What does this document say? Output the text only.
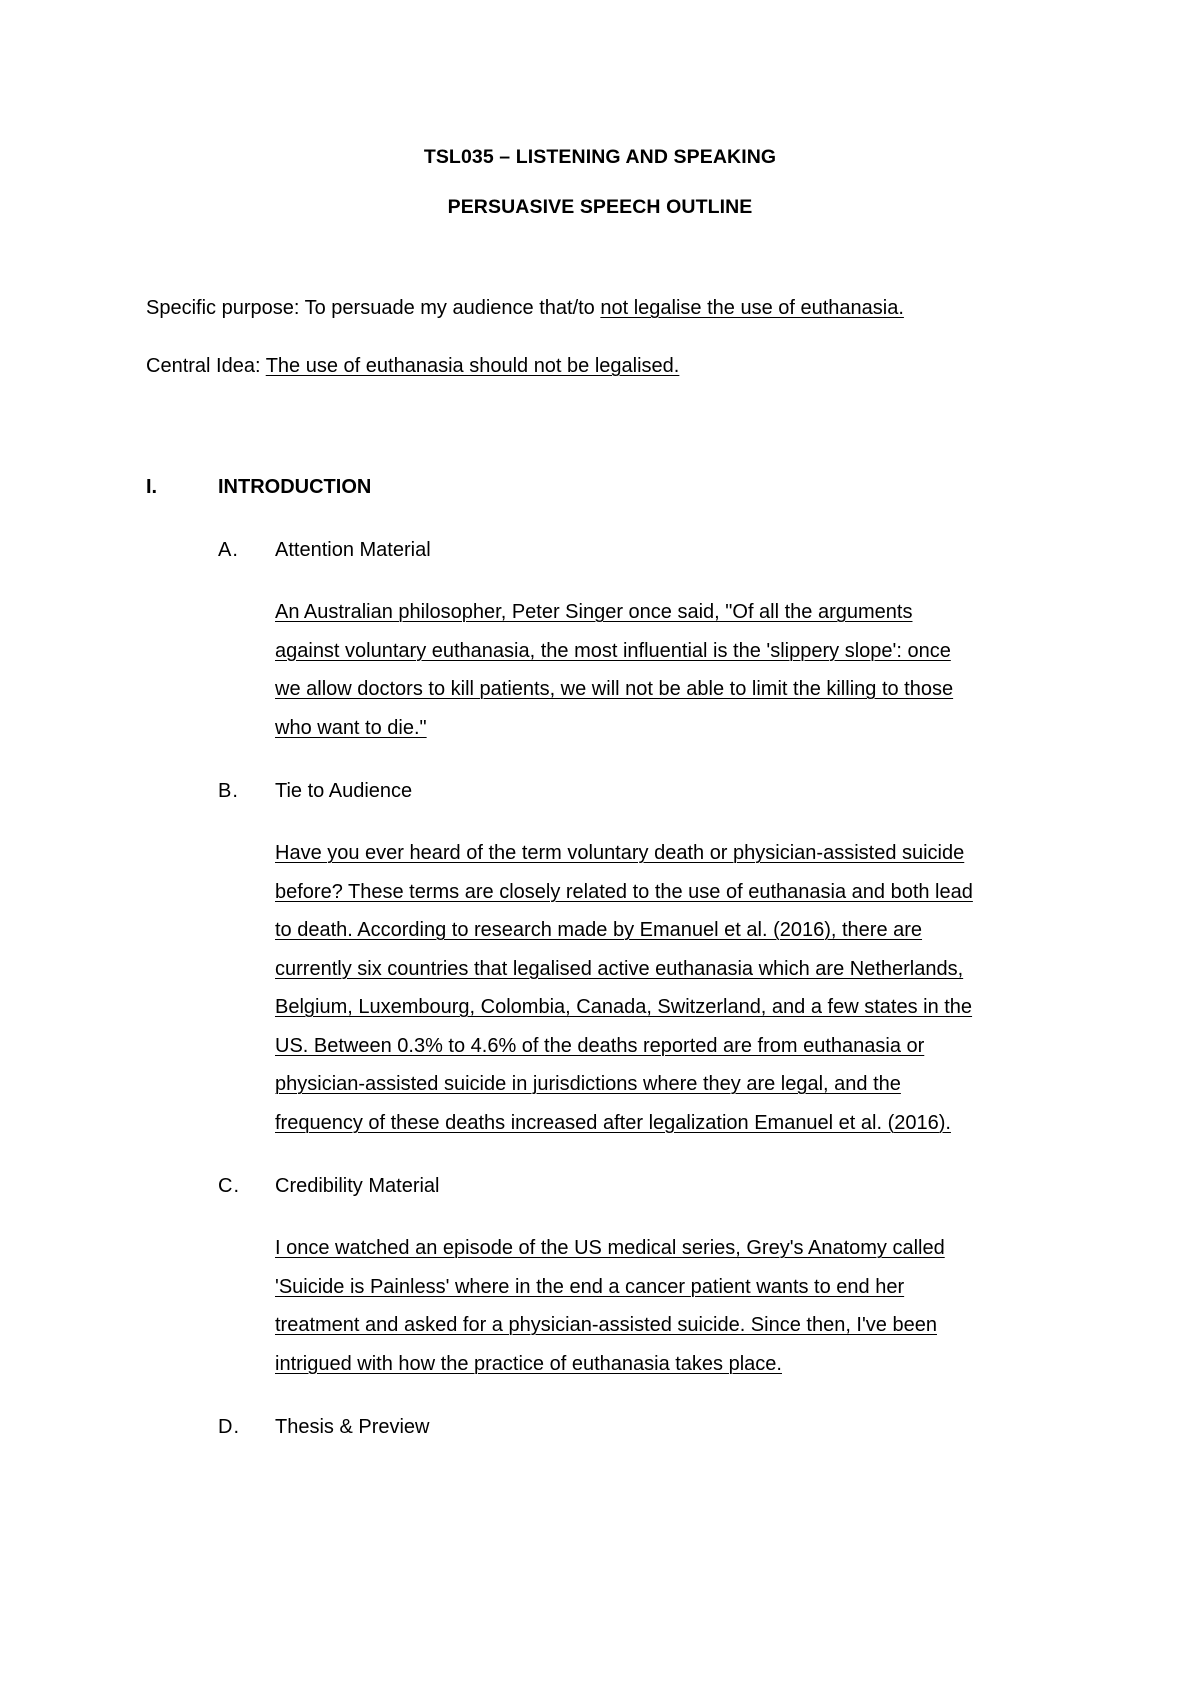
TSL035 – LISTENING AND SPEAKING
PERSUASIVE SPEECH OUTLINE
Specific purpose: To persuade my audience that/to not legalise the use of euthanasia.
Central Idea: The use of euthanasia should not be legalised.
I.	INTRODUCTION
A. Attention Material
An Australian philosopher, Peter Singer once said, "Of all the arguments
against voluntary euthanasia, the most influential is the 'slippery slope': once
we allow doctors to kill patients, we will not be able to limit the killing to those
who want to die."
B. Tie to Audience
Have you ever heard of the term voluntary death or physician-assisted suicide
before? These terms are closely related to the use of euthanasia and both lead
to death. According to research made by Emanuel et al. (2016), there are
currently six countries that legalised active euthanasia which are Netherlands,
Belgium, Luxembourg, Colombia, Canada, Switzerland, and a few states in the
US. Between 0.3% to 4.6% of the deaths reported are from euthanasia or
physician-assisted suicide in jurisdictions where they are legal, and the
frequency of these deaths increased after legalization Emanuel et al. (2016).
C. Credibility Material
I once watched an episode of the US medical series, Grey's Anatomy called
'Suicide is Painless' where in the end a cancer patient wants to end her
treatment and asked for a physician-assisted suicide. Since then, I've been
intrigued with how the practice of euthanasia takes place.
D. Thesis & Preview
